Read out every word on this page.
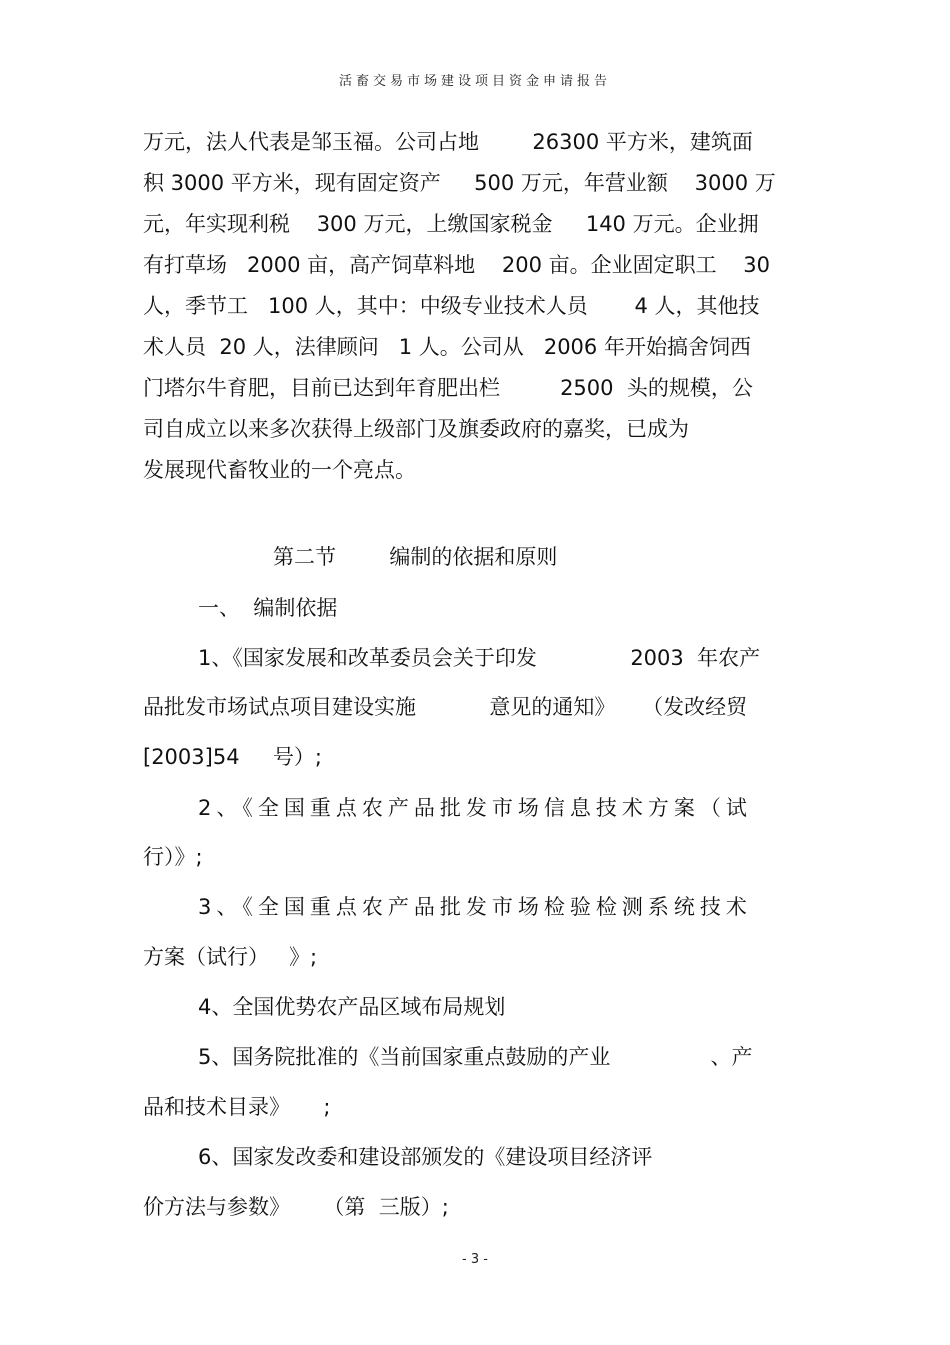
活畜交易市场建设项目资金申请报告
万元，法人代表是邹玉福。公司占地        26300 平方米，建筑面
积 3000 平方米，现有固定资产     500 万元，年营业额    3000 万
元，年实现利税    300 万元，上缴国家税金     140 万元。企业拥
有打草场   2000 亩，高产饲草料地    200 亩。企业固定职工    30
人，季节工   100 人，其中：中级专业技术人员       4 人，其他技
术人员  20 人，法律顾问   1 人。公司从   2006 年开始搞舍饲西
门塔尔牛育肥，目前已达到年育肥出栏         2500  头的规模，公
司自成立以来多次获得上级部门及旗委政府的嘉奖，已成为
发展现代畜牧业的一个亮点。
第二节        编制的依据和原则
一、  编制依据
1、《国家发展和改革委员会关于印发              2003  年农产
品批发市场试点项目建设实施           意见的通知》    （发改经贸
[2003]54     号）;
2、《全国重点农产品批发市场信息技术方案（试
行）》;
3、《全国重点农产品批发市场检验检测系统技术
方案（试行）   》;
4、全国优势农产品区域布局规划
5、国务院批准的《当前国家重点鼓励的产业               、产
品和技术目录》     ;
6、国家发改委和建设部颁发的《建设项目经济评
价方法与参数》     （第  三版）;
- 3 -
